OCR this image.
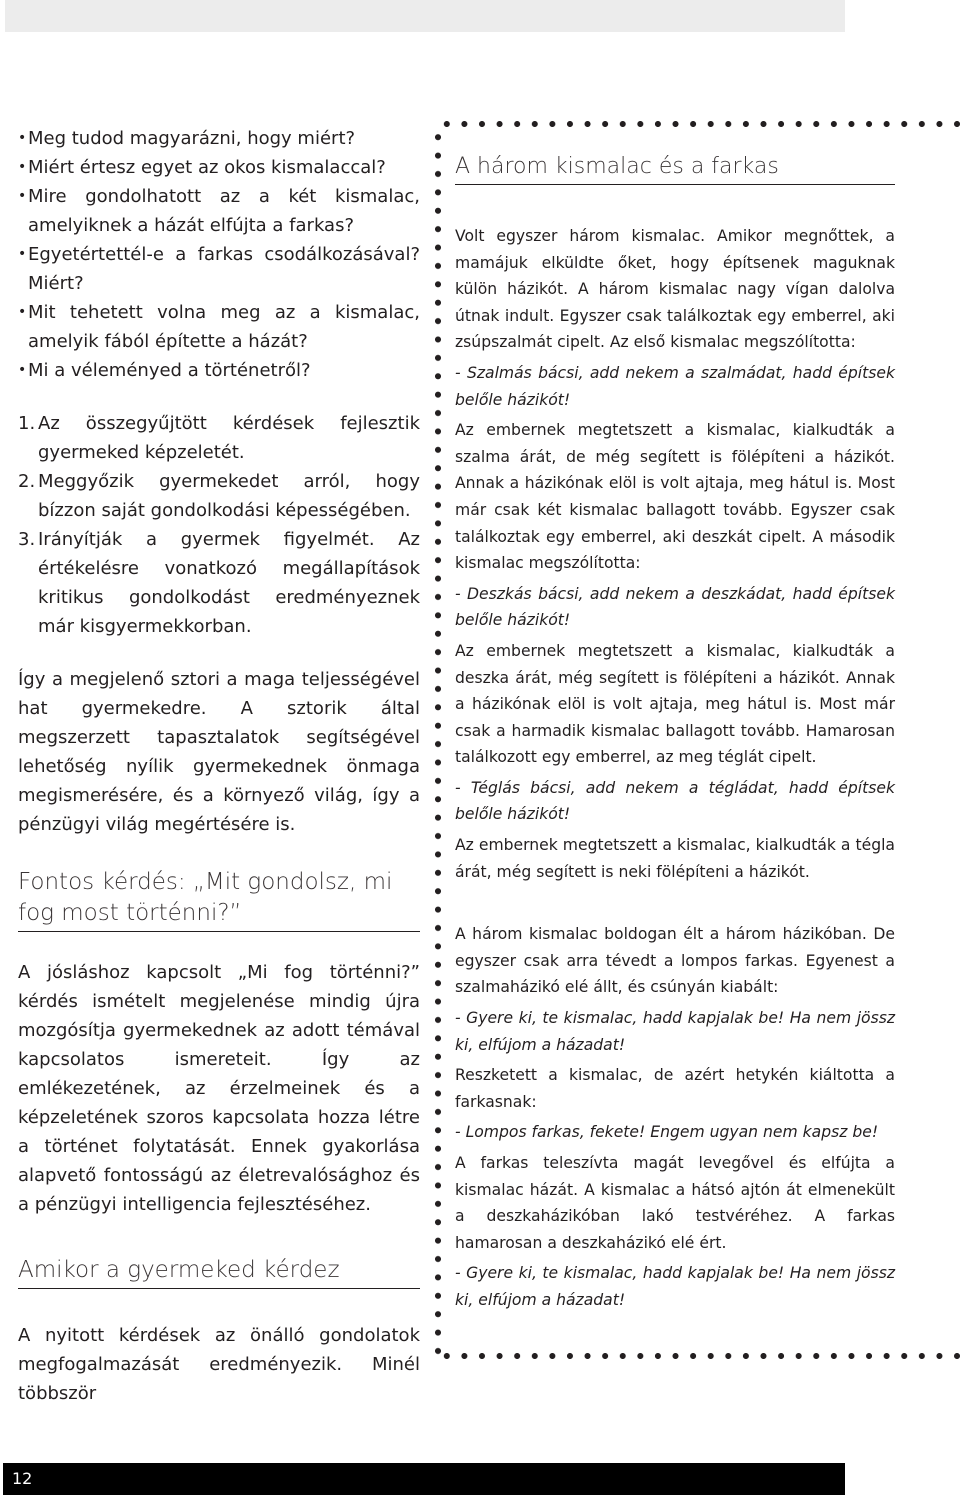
• Meg tudod magyarázni, hogy miért?
• Miért értesz egyet az okos kismalaccal?
• Mire gondolhatott az a két kismalac, amelyiknek a házát elfújta a farkas?
• Egyetértettél-e a farkas csodálkozásával? Miért?
• Mit tehetett volna meg az a kismalac, amelyik fából építette a házát?
• Mi a véleményed a történetről?
1. Az összegyűjtött kérdések fejlesztik gyermeked képzeletét.
2. Meggyőzik gyermekedet arról, hogy bízzon saját gondolkodási képességében.
3. Irányítják a gyermek figyelmét. Az értékelésre vonatkozó megállapítások kritikus gondolkodást eredményeznek már kisgyermekkorban.

Így a megjelenő sztori a maga teljességével hat gyermekedre. A sztorik által megszerzett tapasztalatok segítségével lehetőség nyílik gyermekednek önmaga megismerésére, és a környező világ, így a pénzügyi világ megértésére is.

Fontos kérdés: „Mit gondolsz, mi fog most történni?”

A jósláshoz kapcsolt „Mi fog történni?” kérdés ismételt megjelenése mindig újra mozgósítja gyermekednek az adott témával kapcsolatos ismereteit. Így az emlékezetének, az érzelmeinek és a képzeletének szoros kapcsolata hozza létre a történet folytatását. Ennek gyakorlása alapvető fontosságú az életrevalósághoz és a pénzügyi intelligencia fejlesztéséhez.

Amikor a gyermeked kérdez

A nyitott kérdések az önálló gondolatok megfogalmazását eredményezik. Minél többször

A három kismalac és a farkas

Volt egyszer három kismalac. Amikor megnőttek, a mamájuk elküldte őket, hogy építsenek maguknak külön házikót. A három kismalac nagy vígan dalolva útnak indult. Egyszer csak találkoztak egy emberrel, aki zsúpszalmát cipelt. Az első kismalac megszólította:

- Szalmás bácsi, add nekem a szalmádat, hadd építsek belőle házikót!

Az embernek megtetszett a kismalac, kialkudták a szalma árát, de még segített is fölépíteni a házikót. Annak a házikónak elöl is volt ajtaja, meg hátul is. Most már csak két kismalac ballagott tovább. Egyszer csak találkoztak egy emberrel, aki deszkát cipelt. A második kismalac megszólította:

- Deszkás bácsi, add nekem a deszkádat, hadd építsek belőle házikót!

Az embernek megtetszett a kismalac, kialkudták a deszka árát, még segített is fölépíteni a házikót. Annak a házikónak elöl is volt ajtaja, meg hátul is. Most már csak a harmadik kismalac ballagott tovább. Hamarosan találkozott egy emberrel, az meg téglát cipelt.

- Téglás bácsi, add nekem a tégládat, hadd építsek belőle házikót!

Az embernek megtetszett a kismalac, kialkudták a tégla árát, még segített is neki fölépíteni a házikót.

A három kismalac boldogan élt a három házikóban. De egyszer csak arra tévedt a lompos farkas. Egyenest a szalmaházikó elé állt, és csúnyán kiabált:

- Gyere ki, te kismalac, hadd kapjalak be! Ha nem jössz ki, elfújom a házadat!

Reszketett a kismalac, de azért hetykén kiáltotta a farkasnak:

- Lompos farkas, fekete! Engem ugyan nem kapsz be!

A farkas teleszívta magát levegővel és elfújta a kismalac házát. A kismalac a hátsó ajtón át elmenekült a deszkaházikóban lakó testvéréhez. A farkas hamarosan a deszkaházikó elé ért.

- Gyere ki, te kismalac, hadd kapjalak be! Ha nem jössz ki, elfújom a házadat!

12
